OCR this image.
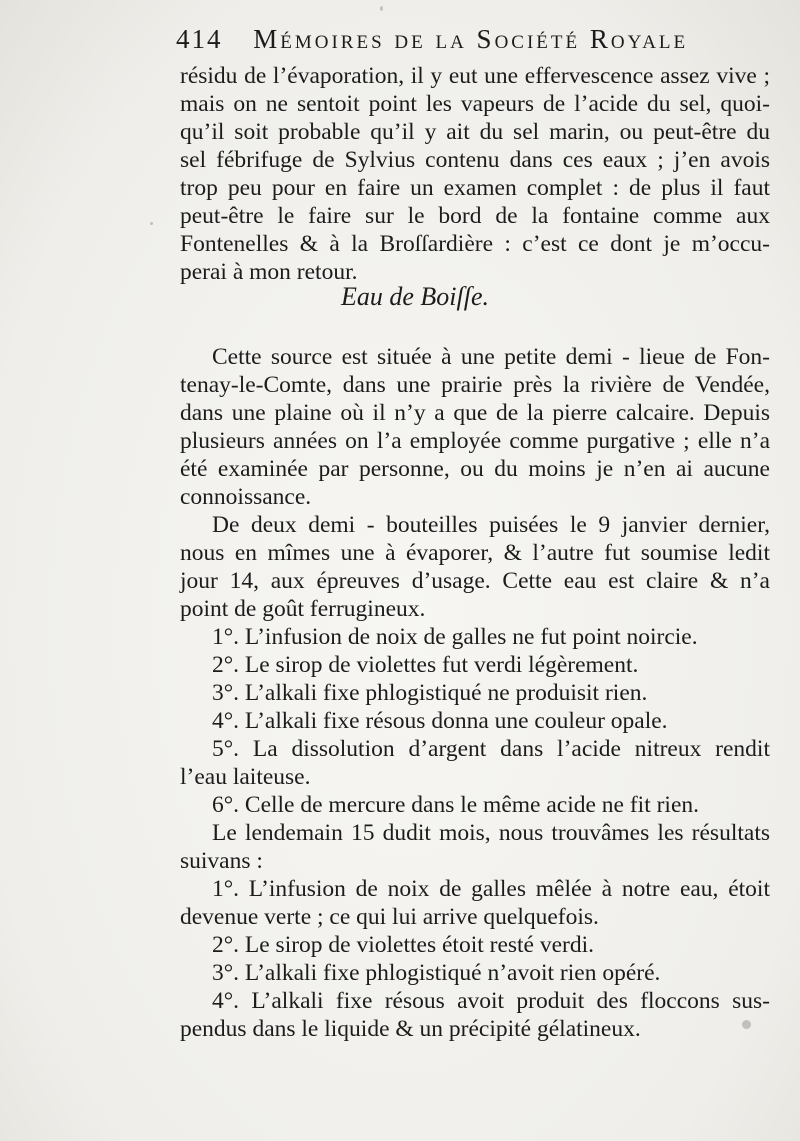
414 Mémoires de la Société Royale
résidu de l’évaporation, il y eut une effervescence assez vive ;
mais on ne sentoit point les vapeurs de l’acide du sel, quoi-
qu’il soit probable qu’il y ait du sel marin, ou peut-être du
sel fébrifuge de Sylvius contenu dans ces eaux ; j’en avois
trop peu pour en faire un examen complet : de plus il faut
peut-être le faire sur le bord de la fontaine comme aux
Fontenelles & à la Broſſardière : c’est ce dont je m’occu-
perai à mon retour.
Eau de Boiſſe.
Cette source est située à une petite demi - lieue de Fon-
tenay-le-Comte, dans une prairie près la rivière de Vendée,
dans une plaine où il n’y a que de la pierre calcaire. Depuis
plusieurs années on l’a employée comme purgative ; elle n’a
été examinée par personne, ou du moins je n’en ai aucune
connoissance.
De deux demi - bouteilles puisées le 9 janvier dernier,
nous en mîmes une à évaporer, & l’autre fut soumise ledit
jour 14, aux épreuves d’usage. Cette eau est claire & n’a
point de goût ferrugineux.
1°. L’infusion de noix de galles ne fut point noircie.
2°. Le sirop de violettes fut verdi légèrement.
3°. L’alkali fixe phlogistiqué ne produisit rien.
4°. L’alkali fixe résous donna une couleur opale.
5°. La dissolution d’argent dans l’acide nitreux rendit
l’eau laiteuse.
6°. Celle de mercure dans le même acide ne fit rien.
Le lendemain 15 dudit mois, nous trouvâmes les résultats
suivans :
1°. L’infusion de noix de galles mêlée à notre eau, étoit
devenue verte ; ce qui lui arrive quelquefois.
2°. Le sirop de violettes étoit resté verdi.
3°. L’alkali fixe phlogistiqué n’avoit rien opéré.
4°. L’alkali fixe résous avoit produit des floccons sus-
pendus dans le liquide & un précipité gélatineux.
